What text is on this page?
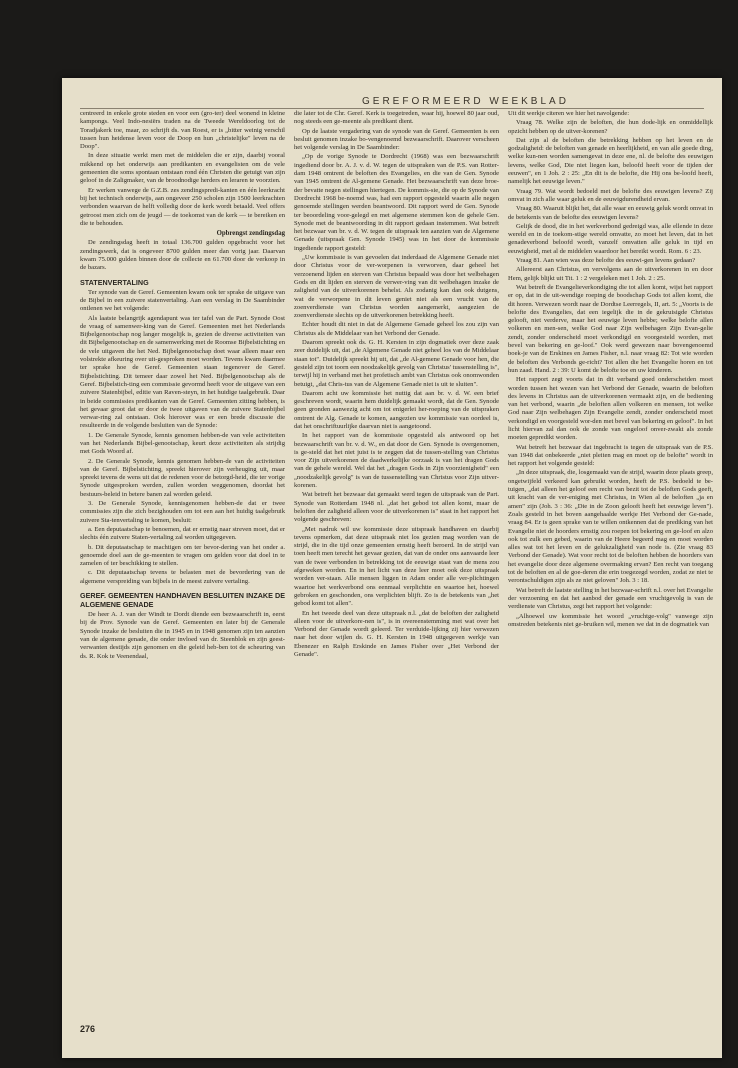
GEREFORMEERD WEEKBLAD

centreerd in enkele grote steden en voor een (gro-ter) deel wonend in kleine kampongs. Veel Indo-nesiërs traden na de Tweede Wereldoorlog tot de Toradjakerk toe, maar, zo schrijft ds. van Roest, er is „bitter weinig verschil tussen hun heidense leven voor de Doop en hun „christelijke" leven na de Doop".

In deze situatie werkt men met de middelen die er zijn, daarbij vooral mikkend op het onderwijs aan predikanten en evangelisten om de vele gemeenten die soms spontaan ontstaan rond één Christen die getuigt van zijn geloof in de Zaligmaker, van de broodnodige herders en leraren te voorzien.

Er werken vanwege de G.Z.B. zes zendingspredi-kanten en één leerkracht bij het technisch onderwijs, aan ongeveer 250 scholen zijn 1500 leerkrachten verbonden waarvan de helft volledig door de kerk wordt betaald. Veel offers getroost men zich om de jeugd — de toekomst van de kerk — te bereiken en die te behouden.

Opbrengst zendingsdag

De zendingsdag heeft in totaal 136.700 gulden opgebracht voor het zendingswerk, dat is ongeveer 8700 gulden meer dan vorig jaar. Daarvan kwam 75.000 gulden binnen door de collecte en 61.700 door de verkoop in de bazars.

STATENVERTALING

Ter synode van de Geref. Gemeenten kwam ook ter sprake de uitgave van de Bijbel in een zuivere statenvertaling. Aan een verslag in De Saambinder ontlenen we het volgende:

Als laatste belangrijk agendapunt was ter tafel van de Part. Synode Oost de vraag of samenwer-king van de Geref. Gemeenten met het Nederlands Bijbelgenootschap nog langer mogelijk is, gezien de diverse activiteiten van dit Bijbelgenootschap en de samenwerking met de Roomse Bijbelstichting en de vele uitgaven die het Ned. Bijbelgenootschap doet waar alleen maar een volstrekte afkeuring over uit-gesproken moet worden. Tevens kwam daarmee ter sprake hoe de Geref. Gemeenten staan tegenover de Geref. Bijbelstichting. Dit temeer daar zowel het Ned. Bijbelgenootschap als de Geref. Bijbelstich-ting een commissie gevormd heeft voor de uitgave van een zuivere Statenbijbel, editie van Raven-steyn, in het huidige taalgebruik. Daar in beide commissies predikanten van de Geref. Gemeenten zitting hebben, is het gevaar groot dat er door de twee uitgaven van de zuivere Statenbijbel verwar-ring zal ontstaan. Ook hierover was er een brede discussie die resulteerde in de volgende besluiten van de Synode:

1. De Generale Synode, kennis genomen hebben-de van vele activiteiten van het Nederlands Bijbel-genootschap, keurt deze activiteiten als strijdig met Gods Woord af.

2. De Generale Synode, kennis genomen hebben-de van de activiteiten van de Geref. Bijbelstichting, spreekt hierover zijn verheuging uit, maar spreekt tevens de wens uit dat de redenen voor de betorgd-heid, die ter vorige Synode uitgesproken werden, zullen worden weggenomen, doordat het bestuurs-beleid in betere banen zal worden geleid.

3. De Generale Synode, kennisgenomen hebben-de dat er twee commissies zijn die zich bezighouden om tot een aan het huidig taalgebruik zuivere Sta-tenvertaling te komen, besluit:

a. Een deputaatschap te benoemen, dat er ernstig naar streven moet, dat er slechts één zuivere Staten-vertaling zal worden uitgegeven.

b. Dit deputaatschap te machtigen om ter bevor-dering van het onder a. genoemde doel aan de ge-meenten te vragen om gelden voor dat doel in te zamelen of ter beschikking te stellen.

c. Dit deputaatschap tevens te belasten met de bevordering van de algemene verspreiding van bijbels in de meest zuivere vertaling.

GEREF. GEMEENTEN HANDHAVEN BESLUITEN INZAKE DE ALGEMENE GENADE

De heer A. J. van der Windt te Dordt diende een bezwaarschrift in, eerst bij de Prov. Synode van de Geref. Gemeenten en later bij de Generale Synode inzake de besluiten die in 1945 en in 1948 genomen zijn ten aanzien van de algemene genade, die onder invloed van dr. Steenblok en zijn geest-verwanten destijds zijn genomen en die geleid heb-ben tot de scheuring van ds. R. Kok te Veenendaal,

die later tot de Chr. Geref. Kerk is toegetreden, waar hij, hoewel 80 jaar oud, nog steeds een ge-meente als predikant dient.

Op de laatste vergadering van de synode van de Geref. Gemeenten is een besluit genomen inzake bo-vengenoemd bezwaarschrift. Daarover verscheen het volgende verslag in De Saambinder:

„Op de vorige Synode te Dordrecht (1968) was een bezwaarschrift ingediend door br. A. J. v. d. W. tegen de uitspraken van de P.S. van Rotter-dam 1948 omtrent de beloften des Evangelies, en die van de Gen. Synode van 1945 omtrent de Al-gemene Genade. Het bezwaarschrift van deze broe-der bevatte negen stellingen hiertegen. De kommis-sie, die op de Synode van Dordrecht 1968 be-noemd was, had een rapport opgesteld waarin alle negen genoemde stellingen werden beantwoord. Dit rapport werd de Gen. Synode ter beoordeling voor-gelegd en met algemene stemmen kon de gehele Gen. Synode met de beantwoording in dit rapport gedaan instemmen. Wat betreft het bezwaar van br. v. d. W. tegen de uitspraak ten aanzien van de Algemene Genade (uitspraak Gen. Synode 1945) was in het door de kommissie ingediende rapport gesteld:

„Uw kommissie is van gevoelen dat inderdaad de Algemene Genade niet door Christus voor de ver-worpenen is verworven, daar geheel het verzoenend lijden en sterven van Christus bepaald was door het welbehagen Gods en dit lijden en sterven de verwer-ving van dit welbehagen inzake de zaligheid van de uitverkorenen behelst. Als zodanig kan dan ook dutgens, wat de verworpene in dit leven geniet niet als een vrucht van de zoenverdienste van Christus worden aangemerkt, aangezien de zoenverdienste slechts op de uitverkorenen betrekking heeft.

Echter houdt dit niet in dat de Algemene Genade geheel los zou zijn van Christus als de Middelaar van het Verbond der Genade.

Daarom spreekt ook ds. G. H. Kersten in zijn dogmatiek over deze zaak zeer duidelijk uit, dat „de Algemene Genade niet geheel los van de Middelaar staan tot". Duidelijk spreekt hij uit, dat „de Al-gemene Genade voor hen, die gesteld zijn tot toorn een noodzakelijk gevolg van Christus' tussenstelling is", terwijl hij in verband met het profetisch ambt van Christus ook onomwonden betuigt, „dat Chris-tus van de Algemene Genade niet is uit te sluiten".

Daarom acht uw kommissie het nuttig dat aan br. v. d. W. een brief geschreven wordt, waarin hem duidelijk gemaakt wordt, dat de Gen. Synode geen gronden aanwezig acht om tot enigerlei her-roeping van de uitspraken omtrent de Alg. Genade te komen, aangezien uw kommissie van oordeel is, dat het onschriftuurlijke daarvan niet is aangetoond.

In het rapport van de kommissie opgesteld als antwoord op het bezwaarschrift van br. v. d. W., en dat door de Gen. Synode is overgenomen, is ge-steld dat het niet juist is te zeggen dat de tussen-stelling van Christus voor Zijn uitverkorenen de daadwerkelijke oorzaak is van het dragen Gods van de gehele wereld. Wel dat het „dragen Gods in Zijn voorzienigheid" een „noodzakelijk gevolg" is van de tussenstelling van Christus voor Zijn uitver-korenen.

Wat betreft het bezwaar dat gemaakt werd tegen de uitspraak van de Part. Synode van Rotterdam 1948 nl. „dat het gebod tot allen komt, maar de beloften der zaligheid alleen voor de uitverkorenen is" staat in het rapport het volgende geschreven:

„Met nadruk wil uw kommissie deze uitspraak handhaven en daarbij tevens opmerken, dat deze uitspraak niet los gezien mag worden van de strijd, die in die tijd onze gemeenten ernstig heeft beroerd. In de strijd van toen heeft men terecht het gevaar gezien, dat van de onder ons aanvaarde leer van de twee verbonden in betrekking tot de eeuwige staat van de mens zou afgeweken worden. En in het licht van deze leer moet ook deze uitspraak worden ver-staan. Alle mensen liggen in Adam onder alle ver-plichtingen waartoe het werkverbond ons eenmaal verplichtte en waartoe het, hoewel gebroken en geschonden, ons verplichten blijft. Zo is de betekenis van „het gebod komt tot allen".

En het tweede deel van deze uitspraak n.l. „dat de beloften der zaligheid alleen voor de uitverkore-nen is", is in overeenstemming met wat over het Verbond der Genade wordt geleerd. Ter verduide-lijking zij hier verwezen naar het door wijlen ds. G. H. Kersten in 1948 uitgegeven werkje van Ebenezer en Ralph Erskinde en James Fisher over „Het Verbond der Genade".

Uit dit werkje citeren we hier het navolgende:

Vraag 78. Welke zijn de beloften, die hun dode-lijk en onmiddellijk opzicht hebben op de uitver-korenen?

Dat zijn al de beloften die betrekking hebben op het leven en de godzaligheid: de beloften van genade en heerlijkheid, en van alle goede ding, welke kun-nen worden samengevat in deze ene, nl. de belofte des eeuwigen levens, welke God, Die niet liegen kan, beloofd heeft voor de tijden der eeuwen", en 1 Joh. 2 : 25: „En dit is de belofte, die Hij ons be-loofd heeft, namelijk het eeuwige leven."

Vraag 79. Wat wordt bedoeld met de belofte des eeuwigen levens? Zij omvat in zich alle waar geluk en de eeuwigdurendheid ervan.

Vraag 80. Waaruit blijkt het, dat alle waar en eeuwig geluk wordt omvat in de betekenis van de belofte des eeuwigen levens?

Gelijk de dood, die in het werkverbond gedreigd was, alle ellende in deze wereld en in de toekom-stige wereld omvatte, zo moet het leven, dat in het genadeverbond beloofd wordt, vanzelf omvatten alle geluk in tijd en eeuwigheid, met al de middelen waardoor het bereikt wordt. Rom. 6 : 23.

Vraag 81. Aan wien was deze belofte des eeuwi-gen levens gedaan?

Allereerst aan Christus, en vervolgens aan de uitverkorenen in en door Hem, gelijk blijkt uit Tit. 1 : 2 vergeleken met 1 Joh. 2 : 25.

Wat betreft de Evangelieverkondiging die tot allen komt, wijst het rapport er op, dat in de uit-wendige roeping de boodschap Gods tot allen komt, die dit horen. Verwezen wordt naar de Dordtse Leerregels, II, art. 5: „Voorts is de belofte des Evangelies, dat een iegelijk die in de gekruisigde Christus gelooft, niet verderve, maar het eeuwige leven hebbe; welke belofte allen volkeren en men-sen, welke God naar Zijn welbehagen Zijn Evan-gelie zendt, zonder onderscheid moet verkondigd en voorgesteld worden, met bevel van bekering en ge-loof." Ook werd gewezen naar bovengenoemd boek-je van de Erskines en James Fisher, n.l. naar vraag 82: Tot wie worden de beloften des Verbonds ge-richt? Tot allen die het Evangelie horen en tot hun zaad. Hand. 2 : 39: U komt de belofte toe en uw kinderen.

Het rapport zegt voorts dat in dit verband goed onderscheiden moet worden tussen het wezen van het Verbond der Genade, waarin de beloften des levens in Christus aan de uitverkorenen vermaakt zijn, en de bediening van het verbond, waarin „de beloften allen volkeren en mensen, tot welke God naar Zijn welbehagen Zijn Evangelie zendt, zonder onderscheid moet verkondigd en voorgesteld wor-den met bevel van bekering en geloof". In het licht hiervan zal dan ook de zonde van ongeloof onver-zwakt als zonde moeten gepredikt worden.

Wat betreft het bezwaar dat ingebracht is tegen de uitspraak van de P.S. van 1948 dat onbekeerde „niet pleiten mag en moet op de belofte" wordt in het rapport het volgende gesteld:

„In deze uitspraak, die, losgemaakt van de strijd, waarin deze plaats greep, ongetwijfeld verkeerd kan gebruikt worden, heeft de P.S. bedoeld te be-tuigen, „dat alleen het geloof een recht van bezit tot de beloften Gods geeft, uit kracht van de ver-eniging met Christus, in Wien al de beloften „ja en amen" zijn (Joh. 3 : 36: „Die in de Zoon gelooft heeft het eeuwige leven"). Zoals gesteld in het boven aangehaalde werkje Het Verbond der Ge-nade, vraag 84. Er is geen sprake van te willen ontkennen dat de prediking van het Evangelie niet de hoorders ernstig zou roepen tot bekering en ge-loof en alzo ook tot zulk een gebed, waarin van de Heere begeerd mag en moet worden alles wat tot het leven en de gelukzaligheid van node is. (Zie vraag 83 Verbond der Genade). Wat voor recht tot de beloften hebben de hoorders van het evangelie door deze algemene overmaking ervan? Een recht van toegang tot de beloften en al de goe-deren die erin toegezegd worden, zodat ze niet te verontschuldigen zijn als ze niet geloven" Joh. 3 : 18.

Wat betreft de laatste stelling in het bezwaar-schrift n.l. over het Evangelie der verzoening en dat het aanbod der genade een vruchtgevolg is van de verdienste van Christus, zegt het rapport het volgende:

„Alhoewel uw kommissie het woord „vruchtge-volg" vanwege zijn omstreden betekenis niet ge-bruiken wil, menen we dat in de dogmatiek van

276
